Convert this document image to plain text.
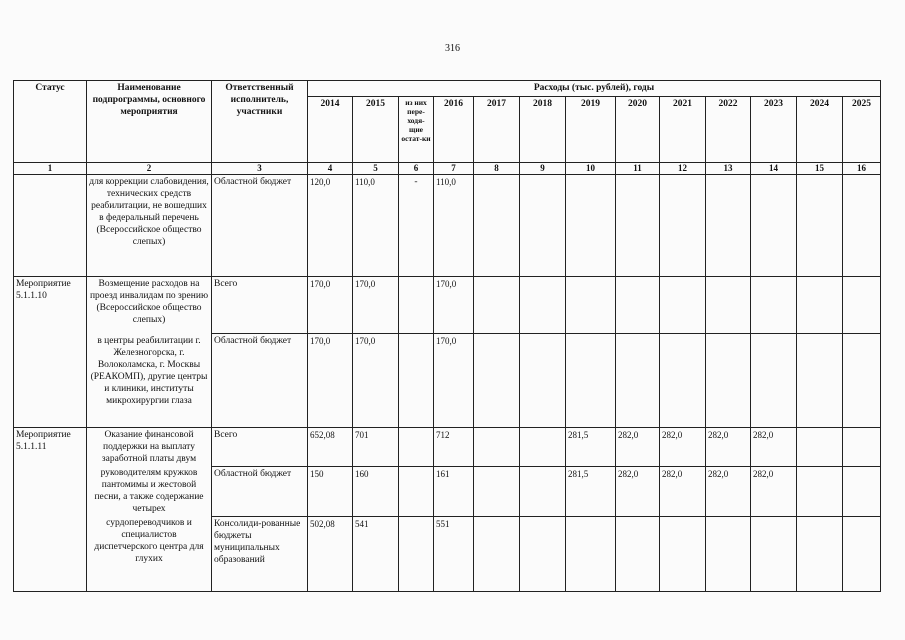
316
Статус	Наименование подпрограммы, основного мероприятия	Ответственный исполнитель, участники	Расходы (тыс. рублей), годы												
			2014	2015	из них пере-ходя-щие остат-ки	2016	2017	2018	2019	2020	2021	2022	2023	2024	2025
1	2	3	4	5	6	7	8	9	10	11	12	13	14	15	16
	для коррекции слабовидения, технических средств реабилитации, не вошедших в федеральный перечень (Всероссийское общество слепых)	Областной бюджет	120,0	110,0	-	110,0									
Мероприятие 5.1.1.10	Возмещение расходов на проезд инвалидам по зрению (Всероссийское общество слепых)	Всего	170,0	170,0		170,0									
	в центры реабилитации г. Железногорска, г. Волоколамска, г. Москвы (РЕАКОМП), другие центры и клиники, институты микрохирургии глаза	Областной бюджет	170,0	170,0		170,0									
Мероприятие 5.1.1.11	Оказание финансовой поддержки на выплату заработной платы двум	Всего	652,08	701		712			281,5	282,0	282,0	282,0	282,0		
	руководителям кружков пантомимы и жестовой песни, а также содержание четырех	Областной бюджет	150	160		161			281,5	282,0	282,0	282,0	282,0		
	сурдопереводчиков и специалистов диспетчерского центра для глухих	Консолиди-рованные бюджеты муниципальных образований	502,08	541		551									
